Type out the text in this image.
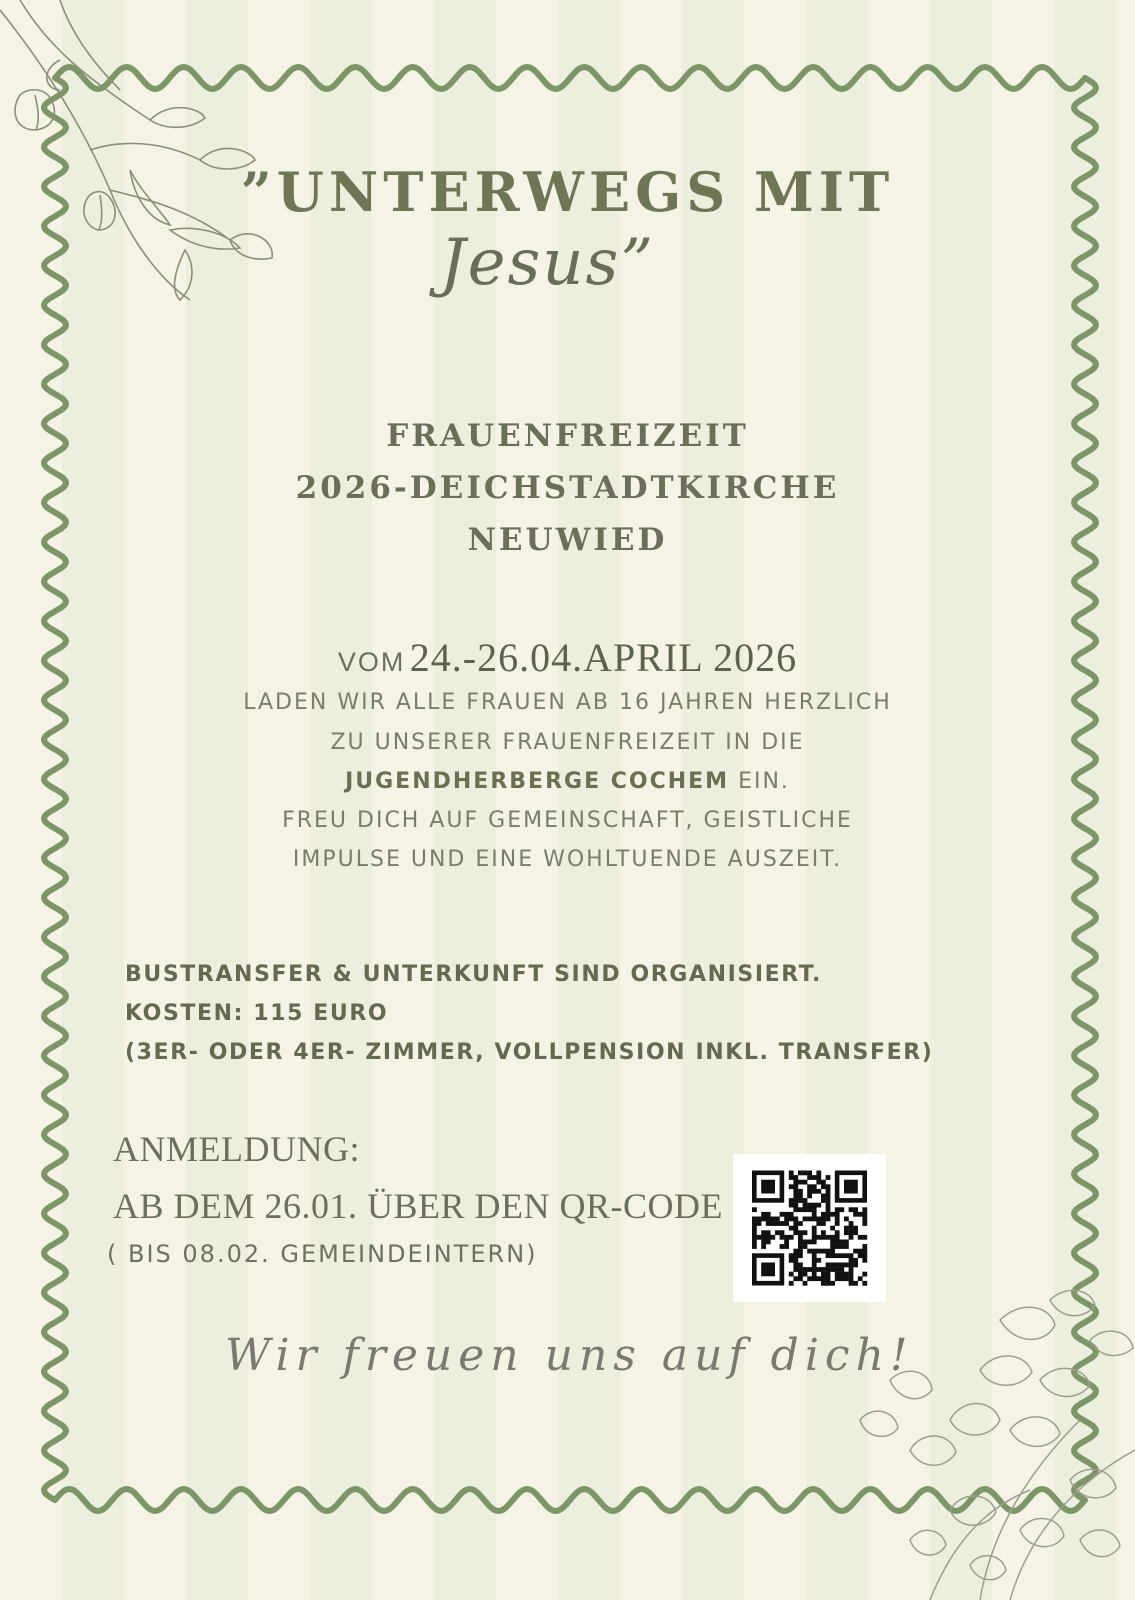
”UNTERWEGS MIT
Jesus”
FRAUENFREIZEIT
2026-DEICHSTADTKIRCHE
NEUWIED
VOM 24.-26.04.APRIL 2026
LADEN WIR ALLE FRAUEN AB 16 JAHREN HERZLICH
ZU UNSERER FRAUENFREIZEIT IN DIE
JUGENDHERBERGE COCHEM EIN.
FREU DICH AUF GEMEINSCHAFT, GEISTLICHE
IMPULSE UND EINE WOHLTUENDE AUSZEIT.
BUSTRANSFER & UNTERKUNFT SIND ORGANISIERT.
KOSTEN: 115 EURO
(3ER- ODER 4ER- ZIMMER, VOLLPENSION INKL. TRANSFER)
ANMELDUNG:
AB DEM 26.01. ÜBER DEN QR-CODE
( BIS 08.02. GEMEINDEINTERN)
Wir freuen uns auf dich!
